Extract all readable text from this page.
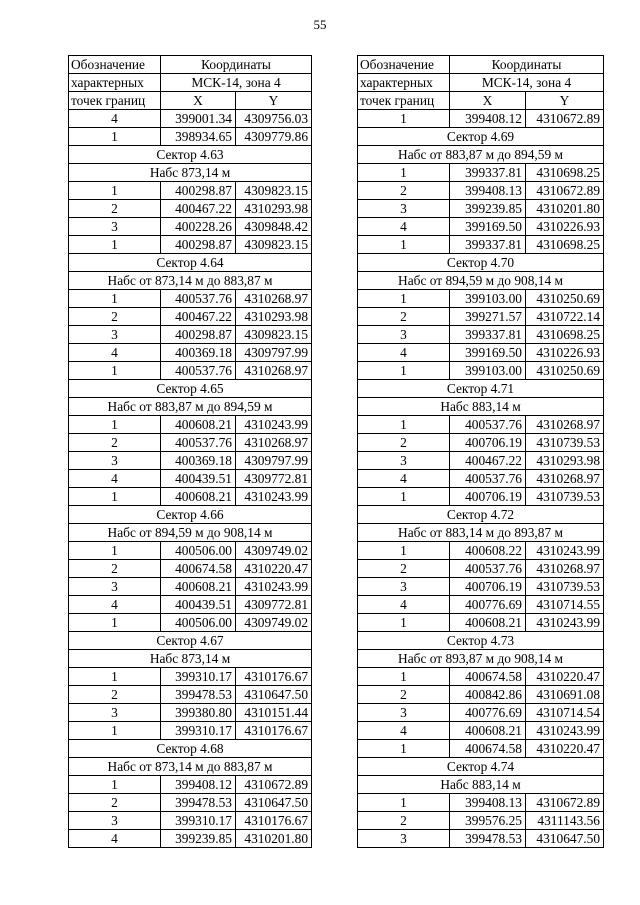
55
Обозначение	Координаты	
характерных	МСК-14, зона 4	
точек границ	X	Y
4	399001.34	4309756.03
1	398934.65	4309779.86
Сектор 4.63		
Набс 873,14 м		
1	400298.87	4309823.15
2	400467.22	4310293.98
3	400228.26	4309848.42
1	400298.87	4309823.15
Сектор 4.64		
Набс от 873,14 м до 883,87 м		
1	400537.76	4310268.97
2	400467.22	4310293.98
3	400298.87	4309823.15
4	400369.18	4309797.99
1	400537.76	4310268.97
Сектор 4.65		
Набс от 883,87 м до 894,59 м		
1	400608.21	4310243.99
2	400537.76	4310268.97
3	400369.18	4309797.99
4	400439.51	4309772.81
1	400608.21	4310243.99
Сектор 4.66		
Набс от 894,59 м до 908,14 м		
1	400506.00	4309749.02
2	400674.58	4310220.47
3	400608.21	4310243.99
4	400439.51	4309772.81
1	400506.00	4309749.02
Сектор 4.67		
Набс 873,14 м		
1	399310.17	4310176.67
2	399478.53	4310647.50
3	399380.80	4310151.44
1	399310.17	4310176.67
Сектор 4.68		
Набс от 873,14 м до 883,87 м		
1	399408.12	4310672.89
2	399478.53	4310647.50
3	399310.17	4310176.67
4	399239.85	4310201.80
Обозначение	Координаты	
характерных	МСК-14, зона 4	
точек границ	X	Y
1	399408.12	4310672.89
Сектор 4.69		
Набс от 883,87 м до 894,59 м		
1	399337.81	4310698.25
2	399408.13	4310672.89
3	399239.85	4310201.80
4	399169.50	4310226.93
1	399337.81	4310698.25
Сектор 4.70		
Набс от 894,59 м до 908,14 м		
1	399103.00	4310250.69
2	399271.57	4310722.14
3	399337.81	4310698.25
4	399169.50	4310226.93
1	399103.00	4310250.69
Сектор 4.71		
Набс 883,14 м		
1	400537.76	4310268.97
2	400706.19	4310739.53
3	400467.22	4310293.98
4	400537.76	4310268.97
1	400706.19	4310739.53
Сектор 4.72		
Набс от 883,14 м до 893,87 м		
1	400608.22	4310243.99
2	400537.76	4310268.97
3	400706.19	4310739.53
4	400776.69	4310714.55
1	400608.21	4310243.99
Сектор 4.73		
Набс от 893,87 м до 908,14 м		
1	400674.58	4310220.47
2	400842.86	4310691.08
3	400776.69	4310714.54
4	400608.21	4310243.99
1	400674.58	4310220.47
Сектор 4.74		
Набс 883,14 м		
1	399408.13	4310672.89
2	399576.25	4311143.56
3	399478.53	4310647.50
